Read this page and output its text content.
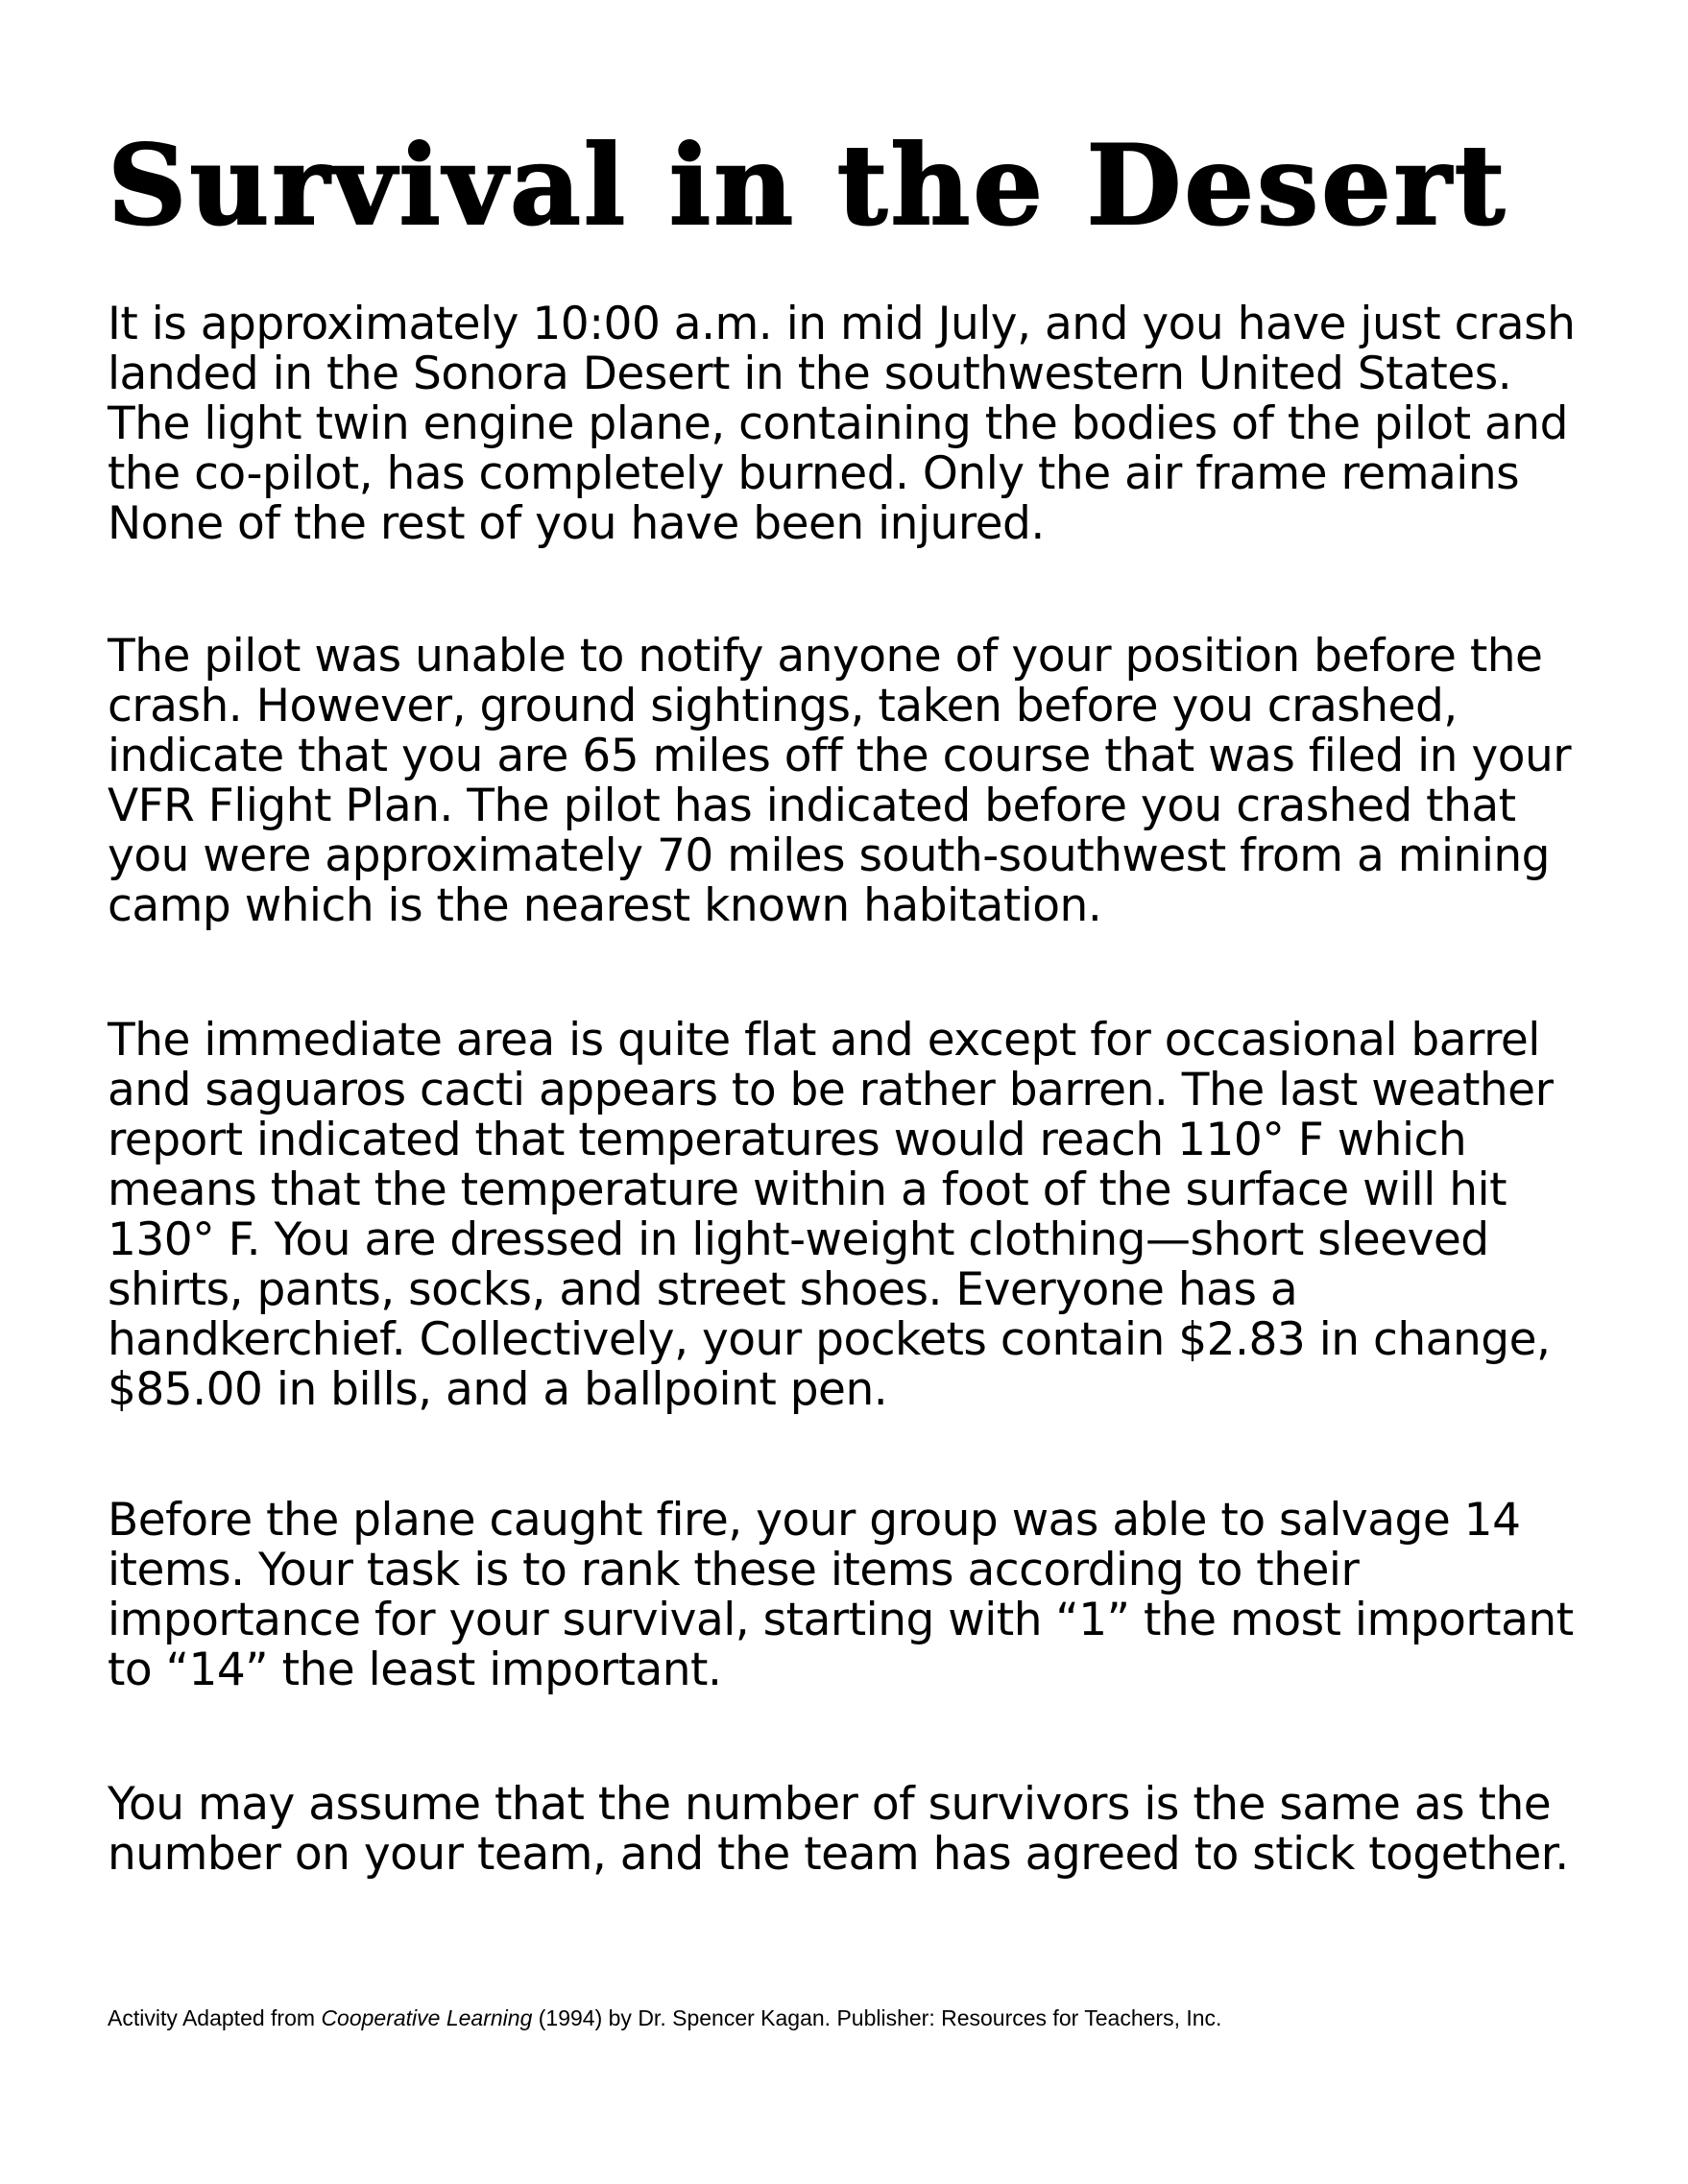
Survival in the Desert

It is approximately 10:00 a.m. in mid July, and you have just crash landed in the Sonora Desert in the southwestern United States. The light twin engine plane, containing the bodies of the pilot and the co-pilot, has completely burned. Only the air frame remains None of the rest of you have been injured.

The pilot was unable to notify anyone of your position before the crash. However, ground sightings, taken before you crashed, indicate that you are 65 miles off the course that was filed in your VFR Flight Plan. The pilot has indicated before you crashed that you were approximately 70 miles south-southwest from a mining camp which is the nearest known habitation.

The immediate area is quite flat and except for occasional barrel and saguaros cacti appears to be rather barren. The last weather report indicated that temperatures would reach 110° F which means that the temperature within a foot of the surface will hit 130° F. You are dressed in light-weight clothing—short sleeved shirts, pants, socks, and street shoes. Everyone has a handkerchief. Collectively, your pockets contain $2.83 in change, $85.00 in bills, and a ballpoint pen.

Before the plane caught fire, your group was able to salvage 14 items. Your task is to rank these items according to their importance for your survival, starting with “1” the most important to “14” the least important.

You may assume that the number of survivors is the same as the number on your team, and the team has agreed to stick together.

Activity Adapted from Cooperative Learning (1994) by Dr. Spencer Kagan. Publisher: Resources for Teachers, Inc.
